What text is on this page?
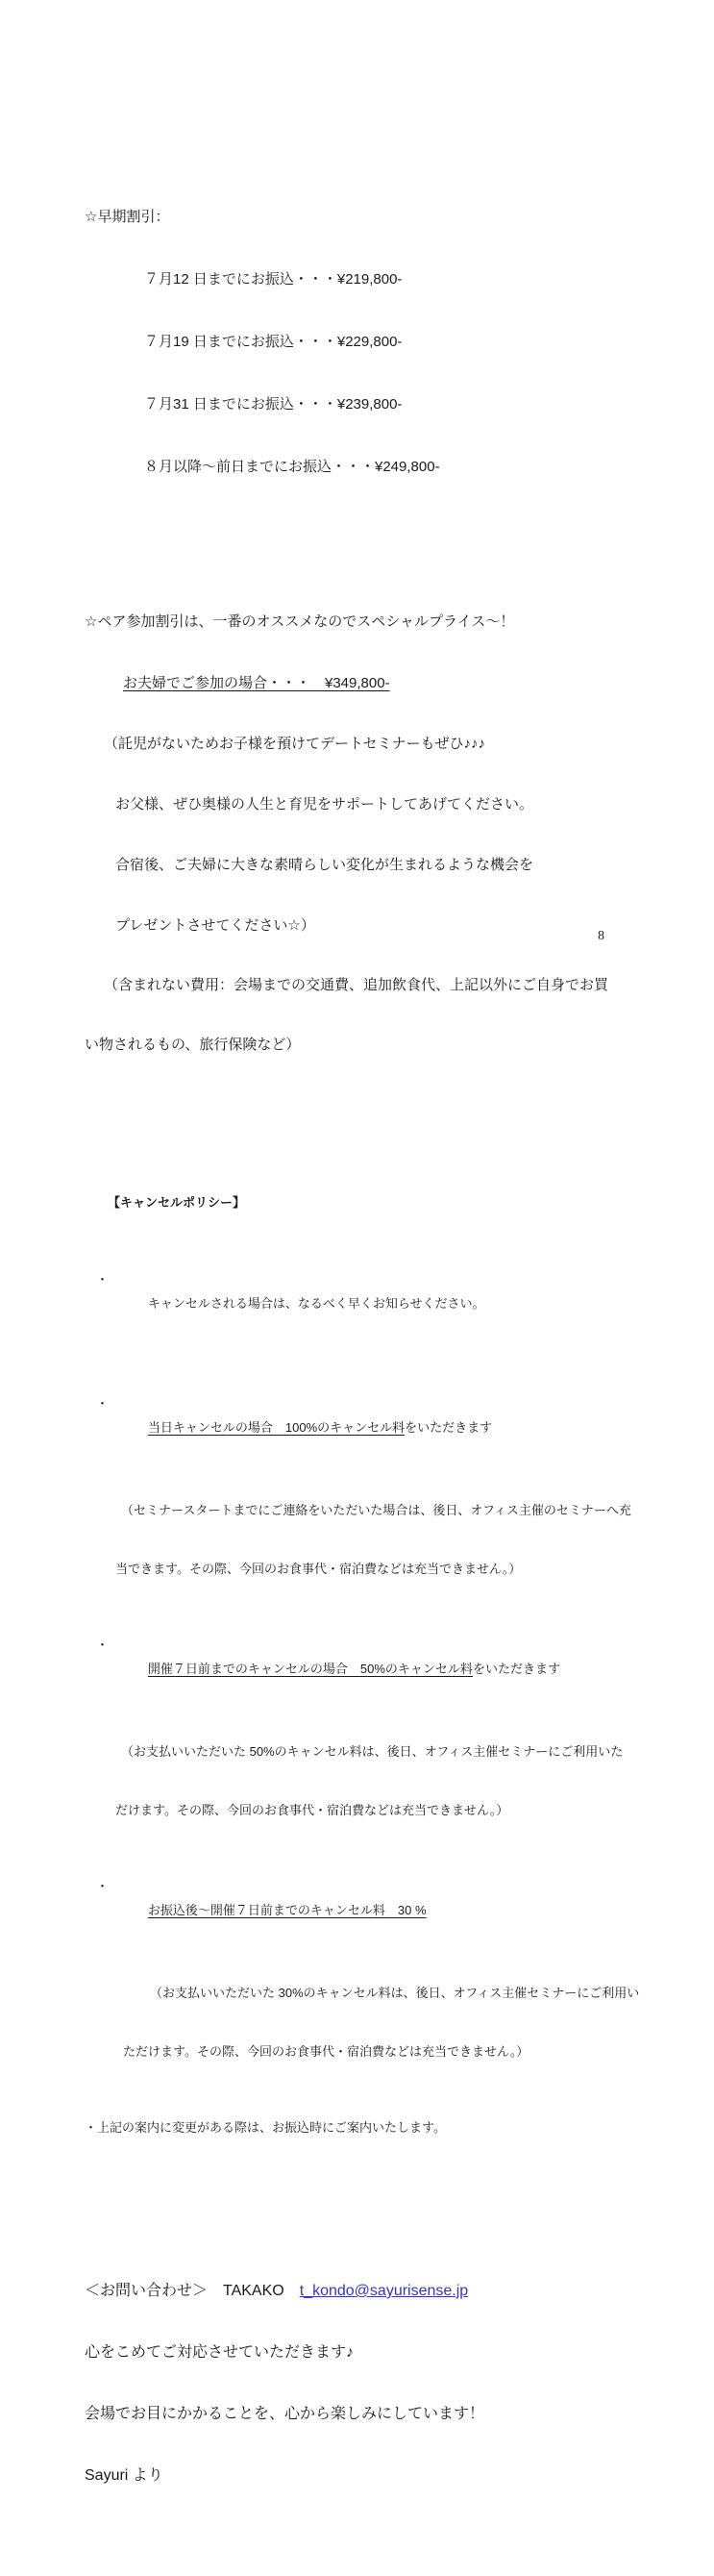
☆早期割引：

７月12 日までにお振込・・・¥219,800-

７月19 日までにお振込・・・¥229,800-

７月31 日までにお振込・・・¥239,800-

８月以降～前日までにお振込・・・¥249,800-

☆ペア参加割引は、一番のオススメなのでスペシャルプライス～！

お夫婦でご参加の場合・・・　¥349,800-

（託児がないためお子様を預けてデートセミナーもぜひ♪♪♪

お父様、ぜひ奥様の人生と育児をサポートしてあげてください。

合宿後、ご夫婦に大きな素晴らしい変化が生まれるような機会を

プレゼントさせてください☆）

（含まれない費用：会場までの交通費、追加飲食代、上記以外にご自身でお買

い物されるもの、旅行保険など）

【キャンセルポリシー】

・
キャンセルされる場合は、なるべく早くお知らせください。

・
当日キャンセルの場合　100%のキャンセル料をいただきます

（セミナースタートまでにご連絡をいただいた場合は、後日、オフィス主催のセミナーへ充

当できます。その際、今回のお食事代・宿泊費などは充当できません。）

・
開催７日前までのキャンセルの場合　50%のキャンセル料をいただきます

（お支払いいただいた 50%のキャンセル料は、後日、オフィス主催セミナーにご利用いた

だけます。その際、今回のお食事代・宿泊費などは充当できません。）

・
お振込後～開催７日前までのキャンセル料　30 %

（お支払いいただいた 30%のキャンセル料は、後日、オフィス主催セミナーにご利用い

ただけます。その際、今回のお食事代・宿泊費などは充当できません。）

・上記の案内に変更がある際は、お振込時にご案内いたします。

＜お問い合わせ＞　TAKAKO　t_kondo@sayurisense.jp

心をこめてご対応させていただきます♪

会場でお目にかかることを、心から楽しみにしています！

Sayuri より

8
